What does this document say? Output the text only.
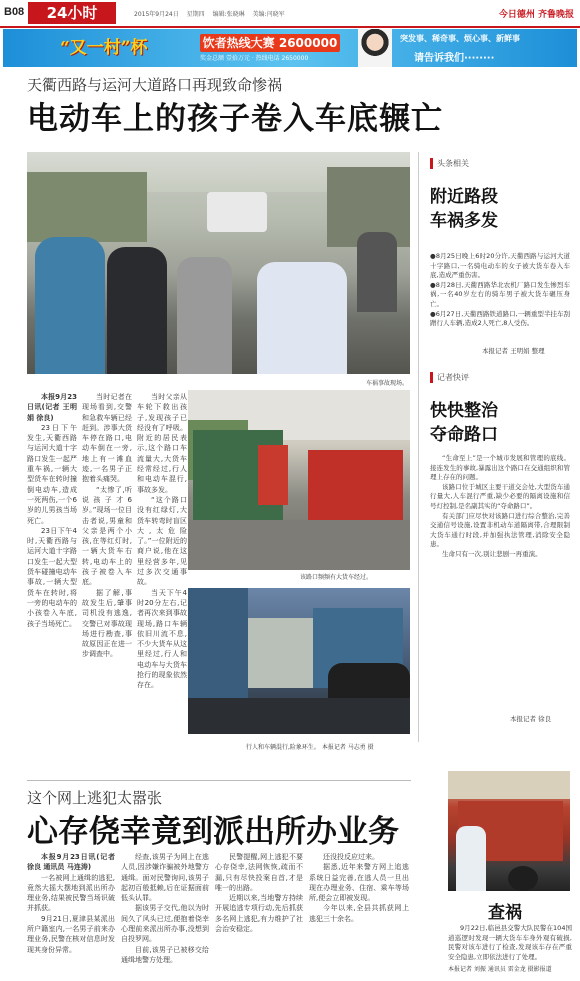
B08	24小时	2015年9月24日 星期四 编辑:张晓琳 美编:闫晓军	今日德州 齐鲁晚报
“又一村”杯	饮者热线大赛 2600000
奖金总额 壹拾万元 · 热线电话 2650000
突发事、稀奇事、烦心事、新鲜事
请告诉我们········
天衢西路与运河大道路口再现致命惨祸
电动车上的孩子卷入车底辗亡
车祸事故现场。

本报9月23日讯(记者 王明娟 徐良)

23日下午发生,天衢西路与运河大道十字路口发生一起严重车祸,一辆大型货车在转时撞倒电动车,造成一死两伤,一个6岁的儿男孩当场死亡。

23日下午4时,天衢西路与运河大道十字路口发生一起大型货车碰撞电动车事故,一辆大型货车在转时,将一旁的电动车的小孩卷入车底,孩子当场死亡。

当时记者在现场看到,交警和急救车辆已经赶到。涉事大货车停在路口,电动车倒在一旁,地上有一滩血迹,一名男子正抱着头痛哭。

“太惨了,听说孩子才6岁。”现场一位目击者说,男童和父亲是两个小孩,在等红灯时,一辆大货车右转,电动车上的孩子被卷入车底。

据了解,事故发生后,肇事司机没有逃逸,交警已对事故现场进行勘查,事故原因正在进一步调查中。

当时父亲从车轮下救出孩子,发现孩子已经没有了呼吸。附近的居民表示,这个路口车流量大,大货车经常经过,行人和电动车混行,事故多发。

“这个路口没有红绿灯,大货车转弯时盲区大,太危险了。”一位附近的商户说,他在这里经营多年,见过多次交通事故。

当天下午4时20分左右,记者再次来到事故现场,路口车辆依旧川流不息,不少大货车从这里经过,行人和电动车与大货车抢行的现象依然存在。

该路口频频有大货车经过。
行人和车辆混行,险象环生。 本报记者 马志勇 摄
头条相关
附近路段
车祸多发

●8月25日晚上6时20分许,天衢西路与运河大道十字路口,一名骑电动车的女子被大货车卷入车底,造成严重伤害。

●8月28日,天衢西路华北农机厂路口发生惨烈车祸,一名40岁左右的骑车男子被大货车碾压身亡。

●6月27日,天衢西路铁道路口,一辆重型半挂车刮蹭行人车辆,造成2人死亡,8人受伤。

本报记者 王明娟 整理
记者快评
快快整治
夺命路口

“生命至上”是一个城市发展和管理的底线。接连发生的事故,暴露出这个路口在交通组织和管理上存在的问题。

该路口位于城区主要干道交会处,大型货车通行量大,人车混行严重,缺少必要的隔离设施和信号灯控制,是名副其实的“夺命路口”。

有关部门应尽快对该路口进行综合整治,完善交通信号设施,设置非机动车道隔离带,合理限制大货车通行时段,并加强执法管理,消除安全隐患。

生命只有一次,别让悲剧一再重演。

本报记者 徐良
这个网上逃犯太嚣张
心存侥幸竟到派出所办业务

本报9月23日讯(记者 徐良 通讯员 马连涛)

一名被网上通缉的逃犯,竟然大摇大摆地到派出所办理业务,结果被民警当场识破并抓获。

9月21日,夏津县某派出所户籍室内,一名男子前来办理业务,民警在核对信息时发现其身份异常。

经查,该男子为网上在逃人员,因涉嫌诈骗被外地警方通缉。面对民警询问,该男子起初百般抵赖,后在证据面前低头认罪。

据该男子交代,他以为时间久了风头已过,便抱着侥幸心理前来派出所办事,没想到自投罗网。

目前,该男子已被移交给通缉地警方处理。

民警提醒,网上逃犯不要心存侥幸,法网恢恢,疏而不漏,只有尽快投案自首,才是唯一的出路。

近期以来,当地警方持续开展追逃专项行动,先后抓获多名网上逃犯,有力维护了社会治安稳定。

还没投反应过来。

据悉,近年来警方网上追逃系统日益完善,在逃人员一旦出现在办理业务、住宿、乘车等场所,便会立即被发现。

今年以来,全县共抓获网上逃犯三十余名。	查祸

9月22日,临邑县交警大队民警在104国道巡逻时发现一辆大货车车身外观有破损,民警对该车进行了检查,发现该车存在严重安全隐患,立即依法进行了处理。

本报记者 刘振 通讯员 雷金龙 摄影报道
